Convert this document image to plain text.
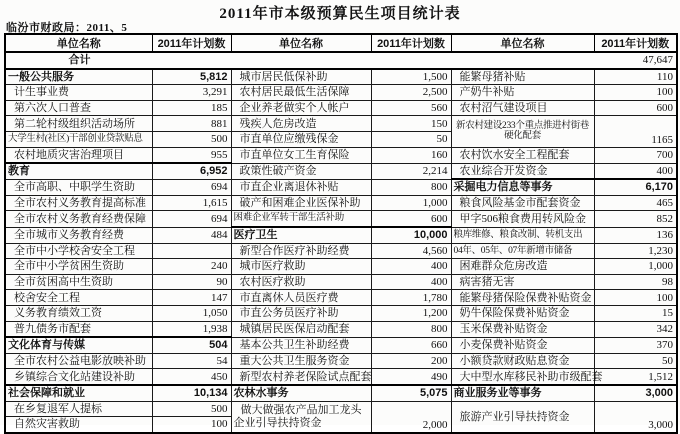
临汾市财政局：2011、5
2011年市本级预算民生项目统计表
单位名称	2011年计划数	单位名称	2011年计划数	单位名称	2011年计划数
合计					47,647
一般公共服务	5,812	城市居民低保补助	1,500	能繁母猪补贴	110
计生事业费	3,291	农村居民最低生活保障	2,500	产奶牛补贴	100
第六次人口普查	185	企业养老做实个人帐户	560	农村沼气建设项目	600
第二轮村级组织活动场所	881	残疾人危房改造	150	新农村建设233个重点推进村街巷硬化配套	1165
大学生村(社区)干部创业贷款贴息	500	市直单位应缴残保金	50		
农村地质灾害治理项目	955	市直单位女工生育保险	160	农村饮水安全工程配套	700
教育	6,952	政策性破产资金	2,214	农业综合开发资金	400
全市高职、中职学生资助	694	市直企业离退休补贴	800	采掘电力信息等事务	6,170
全市农村义务教育提高标准	1,615	破产和困难企业医保补助	1,000	粮食风险基金市配套资金	465
全市农村义务教育经费保障	694	困难企业军转干部生活补助	600	甲字506粮食费用转风险金	852
全市城市义务教育经费	484	医疗卫生	10,000	粮库维修、粮食改制、转机支出	136
全市中小学校舍安全工程		新型合作医疗补助经费	4,560	04年、05年、07年新增市储备	1,230
全市中小学贫困生资助	240	城市医疗救助	400	困难群众危房改造	1,000
全市贫困高中生资助	90	农村医疗救助	400	病害猪无害	98
校舍安全工程	147	市直离休人员医疗费	1,780	能繁母猪保险保费补贴资金	100
义务教育绩效工资	1,050	市直公务员医疗补助	1,200	奶牛保险保费补贴资金	15
普九债务市配套	1,938	城镇居民医保启动配套	800	玉米保费补贴资金	342
文化体育与传媒	504	基本公共卫生补助经费	660	小麦保费补贴资金	370
全市农村公益电影放映补助	54	重大公共卫生服务资金	200	小额贷款财政贴息资金	50
乡镇综合文化站建设补助	450	新型农村养老保险试点配套	490	大中型水库移民补助市级配套	1,512
社会保障和就业	10,134	农林水事务	5,075	商业服务业等事务	3,000
在乡复退军人提标	500	做大做强农产品加工龙头企业引导扶持资金	2,000	旅游产业引导扶持资金	3,000
自然灾害救助	100				
